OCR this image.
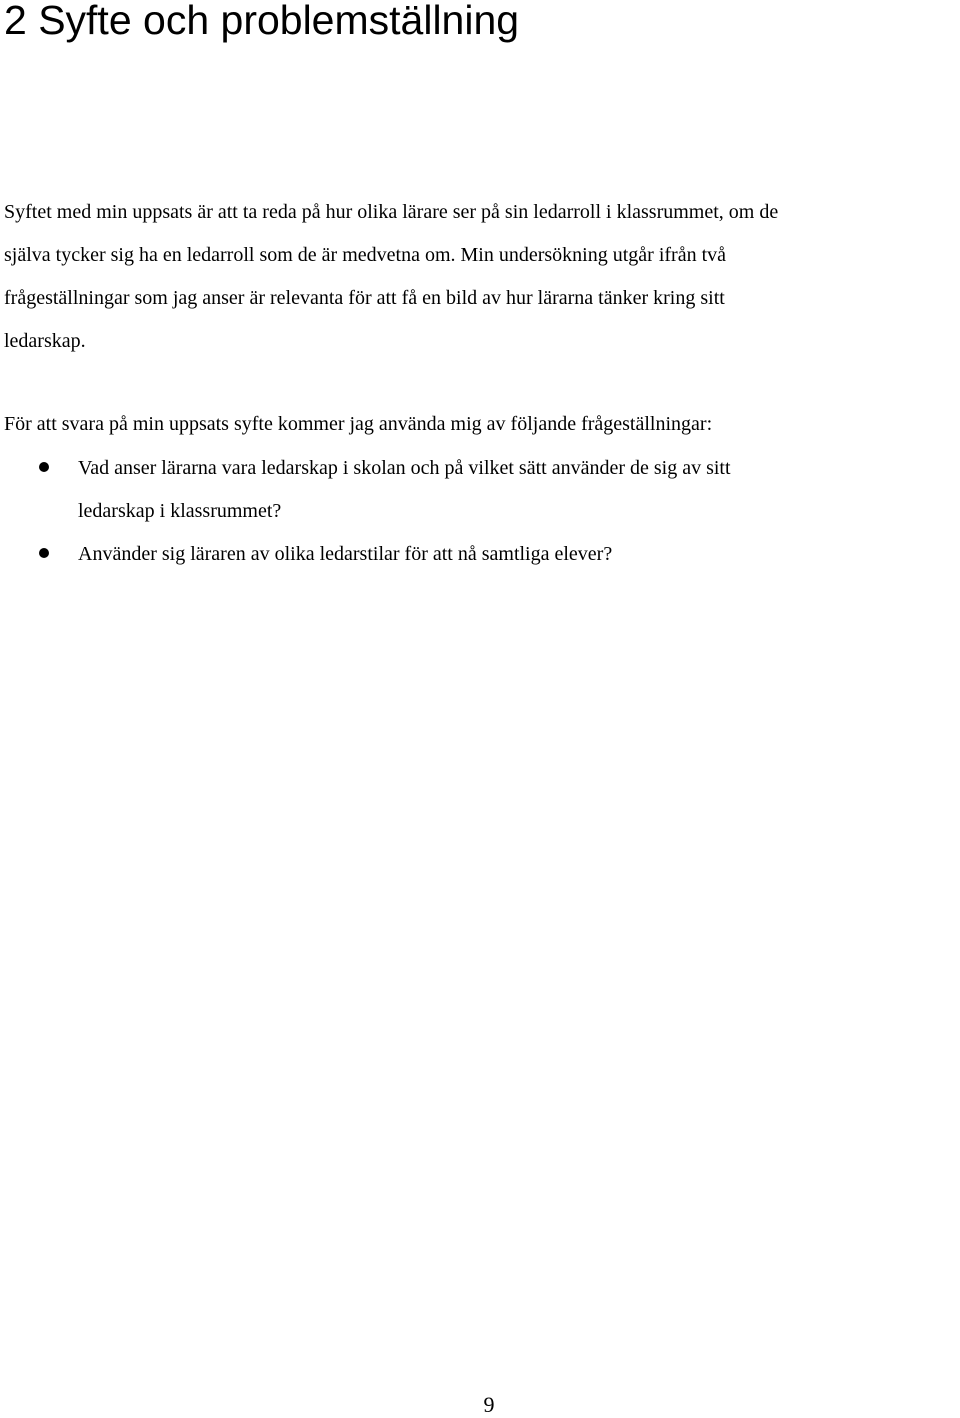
2 Syfte och problemställning

Syftet med min uppsats är att ta reda på hur olika lärare ser på sin ledarroll i klassrummet, om de
själva tycker sig ha en ledarroll som de är medvetna om. Min undersökning utgår ifrån två
frågeställningar som jag anser är relevanta för att få en bild av hur lärarna tänker kring sitt
ledarskap.

För att svara på min uppsats syfte kommer jag använda mig av följande frågeställningar:

Vad anser lärarna vara ledarskap i skolan och på vilket sätt använder de sig av sitt
ledarskap i klassrummet?
Använder sig läraren av olika ledarstilar för att nå samtliga elever?
9
